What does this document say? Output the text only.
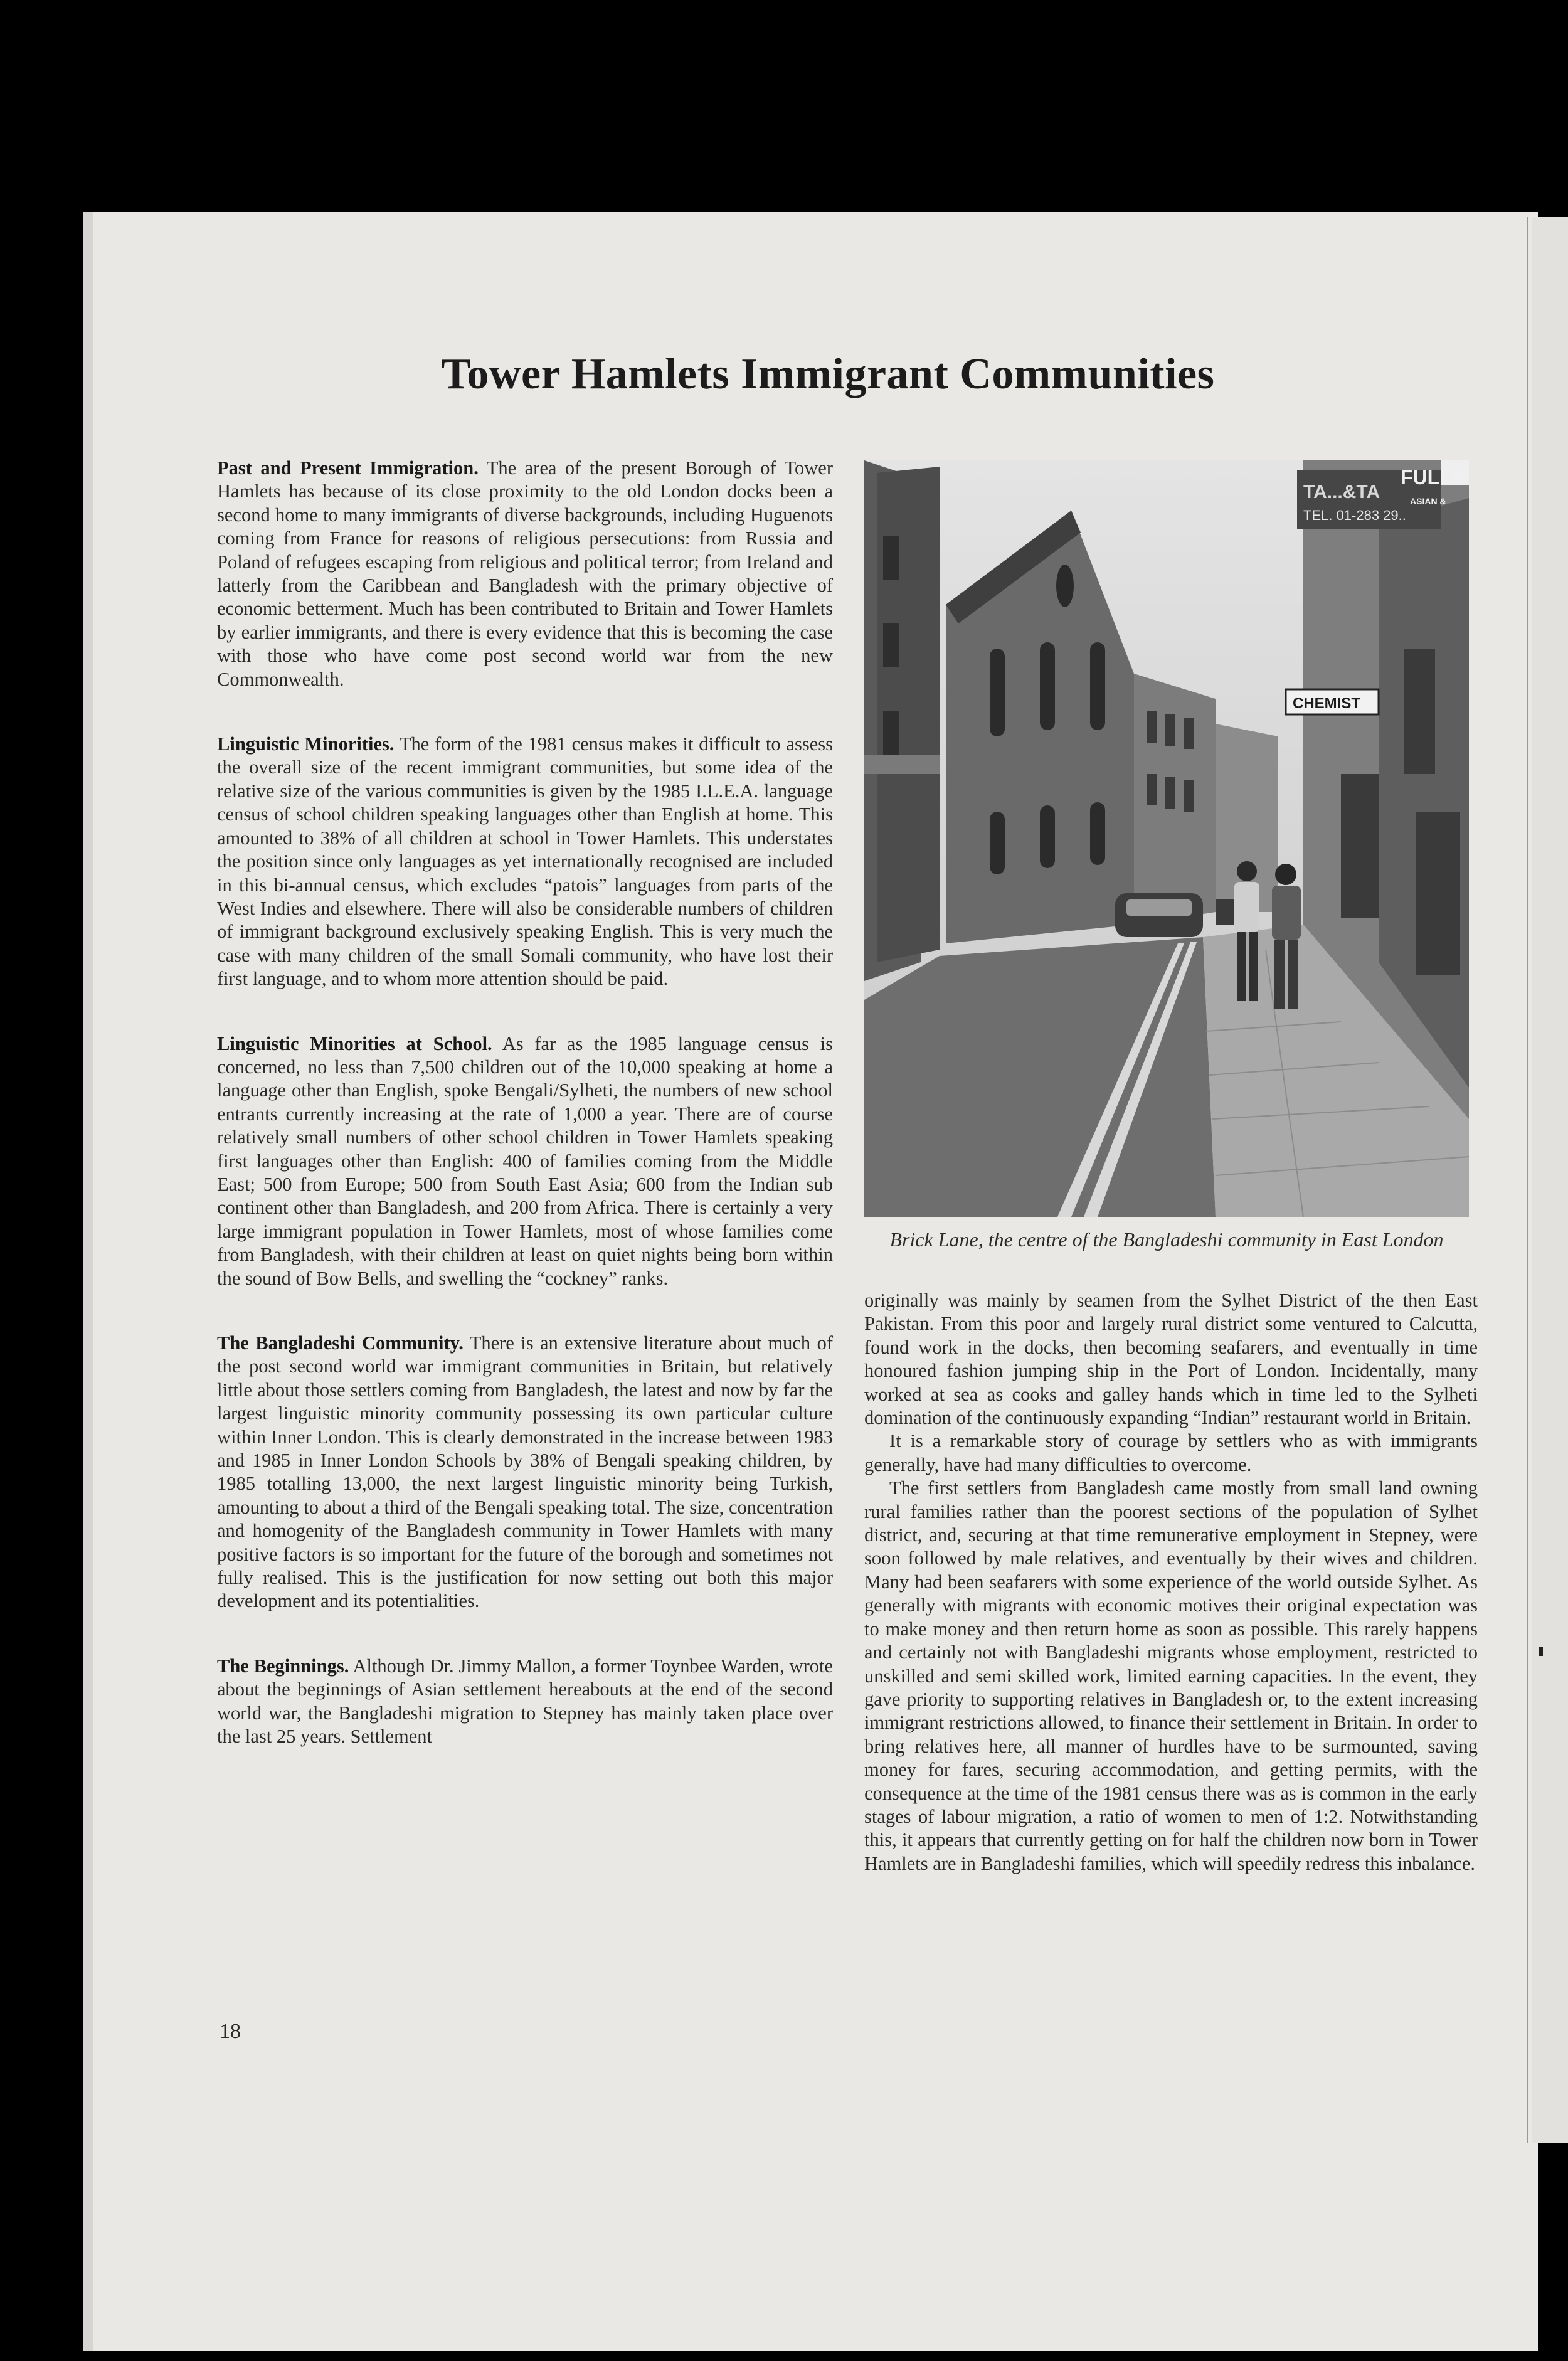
Tower Hamlets Immigrant Communities

Past and Present Immigration. The area of the present Borough of Tower Hamlets has because of its close proximity to the old London docks been a second home to many immigrants of diverse backgrounds, including Huguenots coming from France for reasons of religious persecutions: from Russia and Poland of refugees escaping from religious and political terror; from Ireland and latterly from the Caribbean and Bangladesh with the primary objective of economic betterment. Much has been contributed to Britain and Tower Hamlets by earlier immigrants, and there is every evidence that this is becoming the case with those who have come post second world war from the new Commonwealth.

Linguistic Minorities. The form of the 1981 census makes it difficult to assess the overall size of the recent immigrant communities, but some idea of the relative size of the various communities is given by the 1985 I.L.E.A. language census of school children speaking languages other than English at home. This amounted to 38% of all children at school in Tower Hamlets. This understates the position since only languages as yet internationally recognised are included in this bi-annual census, which excludes “patois” languages from parts of the West Indies and elsewhere. There will also be considerable numbers of children of immigrant background exclusively speaking English. This is very much the case with many children of the small Somali community, who have lost their first language, and to whom more attention should be paid.

Linguistic Minorities at School. As far as the 1985 language census is concerned, no less than 7,500 children out of the 10,000 speaking at home a language other than English, spoke Bengali/Sylheti, the numbers of new school entrants currently increasing at the rate of 1,000 a year. There are of course relatively small numbers of other school children in Tower Hamlets speaking first languages other than English: 400 of families coming from the Middle East; 500 from Europe; 500 from South East Asia; 600 from the Indian sub continent other than Bangladesh, and 200 from Africa. There is certainly a very large immigrant population in Tower Hamlets, most of whose families come from Bangladesh, with their children at least on quiet nights being born within the sound of Bow Bells, and swelling the “cockney” ranks.

The Bangladeshi Community. There is an extensive literature about much of the post second world war immigrant communities in Britain, but relatively little about those settlers coming from Bangladesh, the latest and now by far the largest linguistic minority community possessing its own particular culture within Inner London. This is clearly demonstrated in the increase between 1983 and 1985 in Inner London Schools by 38% of Bengali speaking children, by 1985 totalling 13,000, the next largest linguistic minority being Turkish, amounting to about a third of the Bengali speaking total. The size, concentration and homogenity of the Bangladesh community in Tower Hamlets with many positive factors is so important for the future of the borough and sometimes not fully realised. This is the justification for now setting out both this major development and its potentialities.

The Beginnings. Although Dr. Jimmy Mallon, a former Toynbee Warden, wrote about the beginnings of Asian settlement hereabouts at the end of the second world war, the Bangladeshi migration to Stepney has mainly taken place over the last 25 years. Settlement

FULLY
ASIAN &
TA...&TA
TEL. 01-283 29..
CHEMIST
Brick Lane, the centre of the Bangladeshi community in East London

originally was mainly by seamen from the Sylhet District of the then East Pakistan. From this poor and largely rural district some ventured to Calcutta, found work in the docks, then becoming seafarers, and eventually in time honoured fashion jumping ship in the Port of London. Incidentally, many worked at sea as cooks and galley hands which in time led to the Sylheti domination of the continuously expanding “Indian” restaurant world in Britain.

It is a remarkable story of courage by settlers who as with immigrants generally, have had many difficulties to overcome.

The first settlers from Bangladesh came mostly from small land owning rural families rather than the poorest sections of the population of Sylhet district, and, securing at that time remunerative employment in Stepney, were soon followed by male relatives, and eventually by their wives and children. Many had been seafarers with some experience of the world outside Sylhet. As generally with migrants with economic motives their original expectation was to make money and then return home as soon as possible. This rarely happens and certainly not with Bangladeshi migrants whose employment, restricted to unskilled and semi skilled work, limited earning capacities. In the event, they gave priority to supporting relatives in Bangladesh or, to the extent increasing immigrant restrictions allowed, to finance their settlement in Britain. In order to bring relatives here, all manner of hurdles have to be surmounted, saving money for fares, securing accommodation, and getting permits, with the consequence at the time of the 1981 census there was as is common in the early stages of labour migration, a ratio of women to men of 1:2. Notwithstanding this, it appears that currently getting on for half the children now born in Tower Hamlets are in Bangladeshi families, which will speedily redress this inbalance.

18
